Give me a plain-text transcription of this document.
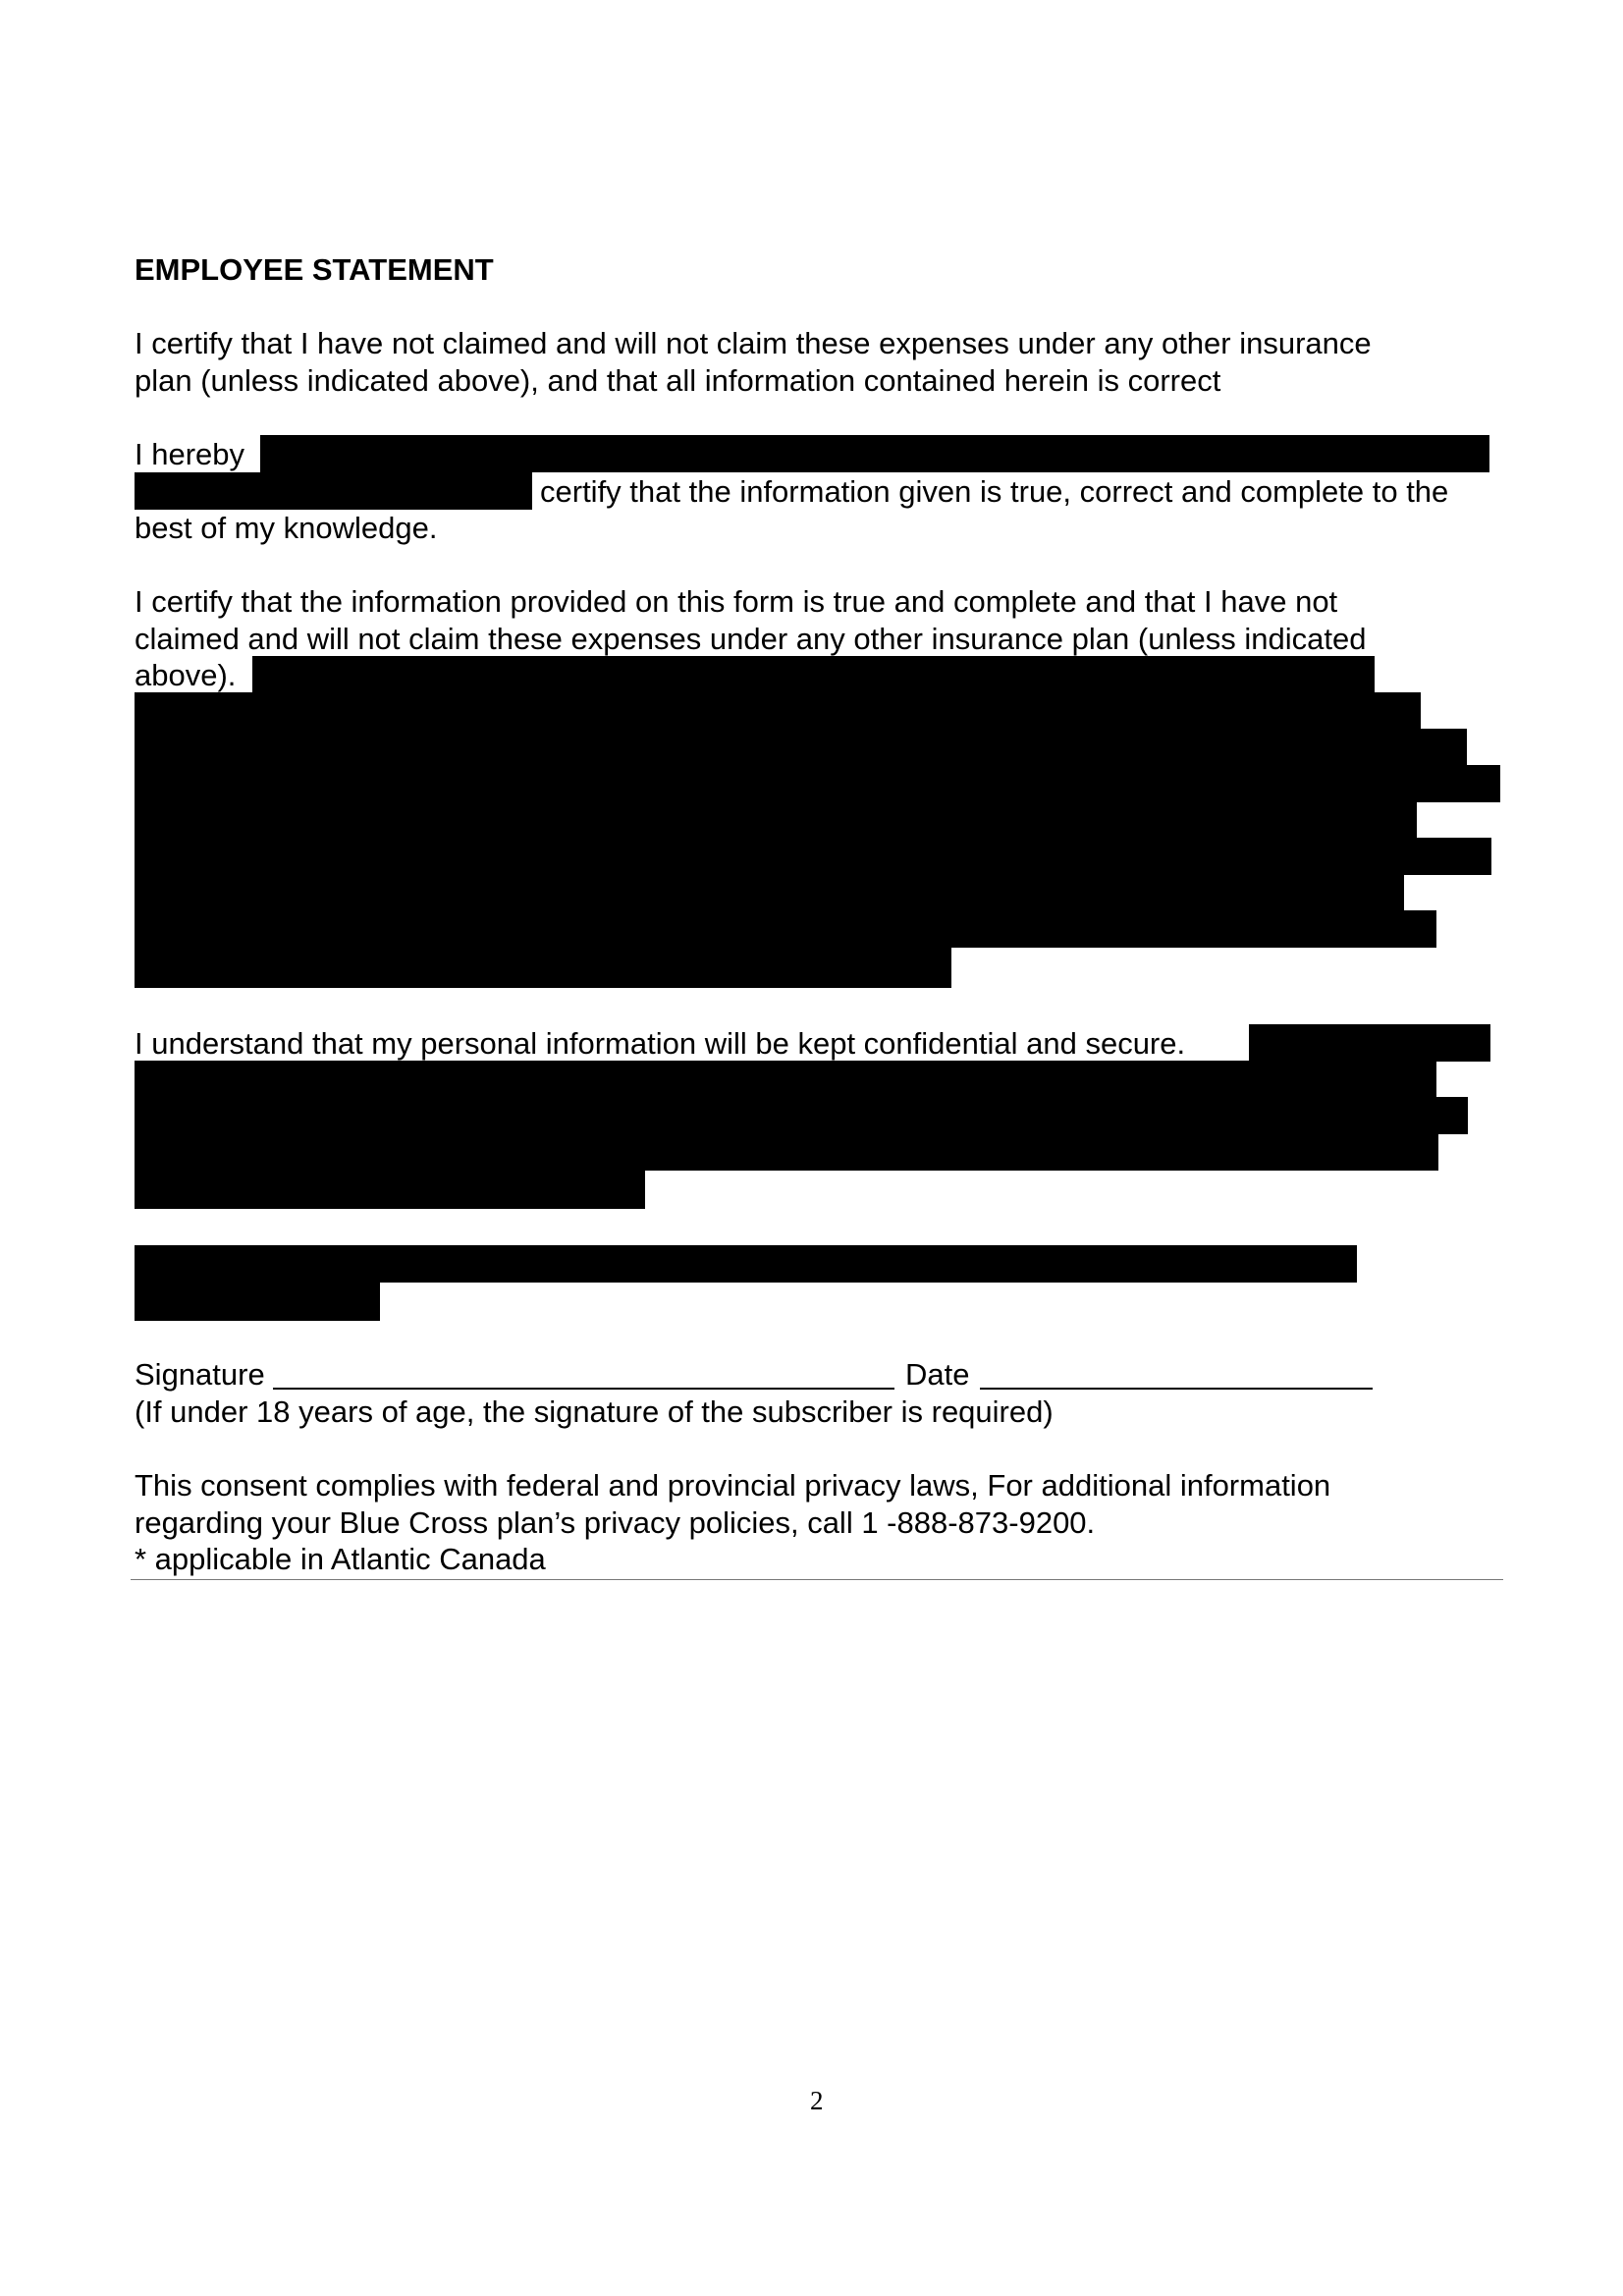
EMPLOYEE STATEMENT
I certify that I have not claimed and will not claim these expenses under any other insurance
plan (unless indicated above), and that all information contained herein is correct
I hereby
certify that the information given is true, correct and complete to the
best of my knowledge.
I certify that the information provided on this form is true and complete and that I have not
claimed and will not claim these expenses under any other insurance plan (unless indicated
above).
I understand that my personal information will be kept confidential and secure.
Signature	Date
(If under 18 years of age, the signature of the subscriber is required)
This consent complies with federal and provincial privacy laws, For additional information
regarding your Blue Cross plan’s privacy policies, call 1 -888-873-9200.
* applicable in Atlantic Canada
2
